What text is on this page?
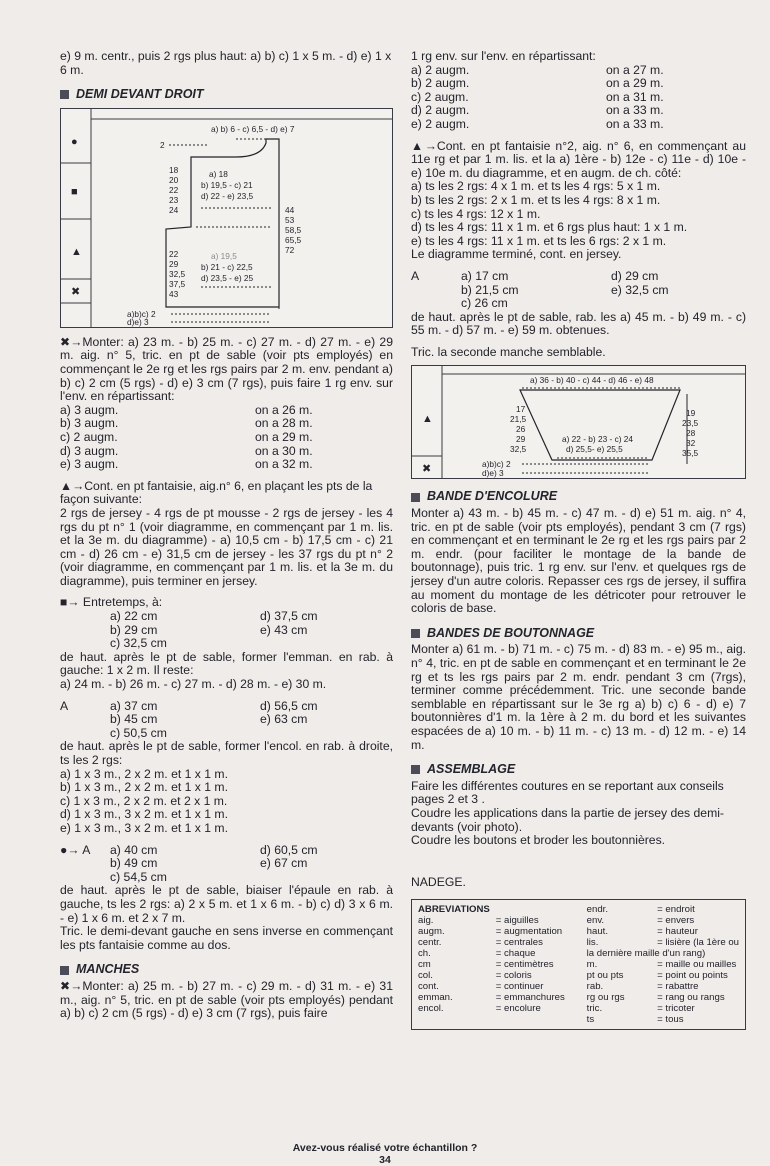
e) 9 m. centr., puis 2 rgs plus haut: a) b) c) 1 x 5 m. - d) e) 1 x 6 m.

DEMI DEVANT DROIT
●
■
▲
✖
a) b) 6 - c) 6,5 - d) e) 7
2
18
20
22
23
24
a) 18
b) 19,5 - c) 21
d) 22 - e) 23,5
44
53
58,5
65,5
72
22
29
32,5
37,5
43
a) 19,5
b) 21 - c) 22,5
d) 23,5 - e) 25
a)b)c) 2
d)e) 3

✖→Monter: a) 23 m. - b) 25 m. - c) 27 m. - d) 27 m. - e) 29 m. aig. n° 5, tric. en pt de sable (voir pts employés) en commençant le 2e rg et les rgs pairs par 2 m. env. pendant a) b) c) 2 cm (5 rgs) - d) e) 3 cm (7 rgs), puis faire 1 rg env. sur l'env. en répartissant:

a) 3 augm.	on a 26 m.
b) 3 augm.	on a 28 m.
c) 2 augm.	on a 29 m.
d) 3 augm.	on a 30 m.
e) 3 augm.	on a 32 m.

▲→Cont. en pt fantaisie, aig.n° 6, en plaçant les pts de la façon suivante:

2 rgs de jersey - 4 rgs de pt mousse - 2 rgs de jersey - les 4 rgs du pt n° 1 (voir diagramme, en commençant par 1 m. lis. et la 3e m. du diagramme) - a) 10,5 cm - b) 17,5 cm - c) 21 cm - d) 26 cm - e) 31,5 cm de jersey - les 37 rgs du pt n° 2 (voir diagramme, en commençant par 1 m. lis. et la 3e m. du diagramme), puis terminer en jersey.

■→ Entretemps, à:

a) 22 cm	d) 37,5 cm
b) 29 cm	e) 43 cm
c) 32,5 cm

de haut. après le pt de sable, former l'emman. en rab. à gauche: 1 x 2 m. Il reste:

a) 24 m. - b) 26 m. - c) 27 m. - d) 28 m. - e) 30 m.

A	a) 37 cm	d) 56,5 cm
b) 45 cm	e) 63 cm
c) 50,5 cm

de haut. après le pt de sable, former l'encol. en rab. à droite, ts les 2 rgs:

a) 1 x 3 m., 2 x 2 m. et 1 x 1 m.

b) 1 x 3 m., 2 x 2 m. et 1 x 1 m.

c) 1 x 3 m., 2 x 2 m. et 2 x 1 m.

d) 1 x 3 m., 3 x 2 m. et 1 x 1 m.

e) 1 x 3 m., 3 x 2 m. et 1 x 1 m.

●→ A	a) 40 cm	d) 60,5 cm
b) 49 cm	e) 67 cm
c) 54,5 cm

de haut. après le pt de sable, biaiser l'épaule en rab. à gauche, ts les 2 rgs: a) 2 x 5 m. et 1 x 6 m. - b) c) d) 3 x 6 m. - e) 1 x 6 m. et 2 x 7 m.

Tric. le demi-devant gauche en sens inverse en commençant les pts fantaisie comme au dos.

MANCHES

✖→Monter: a) 25 m. - b) 27 m. - c) 29 m. - d) 31 m. - e) 31 m., aig. n° 5, tric. en pt de sable (voir pts employés) pendant a) b) c) 2 cm (5 rgs) - d) e) 3 cm (7 rgs), puis faire

1 rg env. sur l'env. en répartissant:

a) 2 augm.	on a 27 m.
b) 2 augm.	on a 29 m.
c) 2 augm.	on a 31 m.
d) 2 augm.	on a 33 m.
e) 2 augm.	on a 33 m.

▲→Cont. en pt fantaisie n°2, aig. n° 6, en commençant au 11e rg et par 1 m. lis. et la a) 1ère - b) 12e - c) 11e - d) 10e - e) 10e m. du diagramme, et en augm. de ch. côté:

a) ts les 2 rgs: 4 x 1 m. et ts les 4 rgs: 5 x 1 m.

b) ts les 2 rgs: 2 x 1 m. et ts les 4 rgs: 8 x 1 m.

c) ts les 4 rgs: 12 x 1 m.

d) ts les 4 rgs: 11 x 1 m. et 6 rgs plus haut: 1 x 1 m.

e) ts les 4 rgs: 11 x 1 m. et ts les 6 rgs: 2 x 1 m.

Le diagramme terminé, cont. en jersey.

A	a) 17 cm	d) 29 cm
b) 21,5 cm	e) 32,5 cm
c) 26 cm

de haut. après le pt de sable, rab. les a) 45 m. - b) 49 m. - c) 55 m. - d) 57 m. - e) 59 m. obtenues.

Tric. la seconde manche semblable.

▲
✖
a) 36 - b) 40 - c) 44 - d) 46 - e) 48
17
21,5
26
29
32,5
19
23,5
28
32
35,5
a) 22 - b) 23 - c) 24
d) 25,5- e) 25,5
a)b)c) 2
d)e) 3
BANDE D'ENCOLURE

Monter a) 43 m. - b) 45 m. - c) 47 m. - d) e) 51 m. aig. n° 4, tric. en pt de sable (voir pts employés), pendant 3 cm (7 rgs) en commençant et en terminant le 2e rg et les rgs pairs par 2 m. endr. (pour faciliter le montage de la bande de boutonnage), puis tric. 1 rg env. sur l'env. et quelques rgs de jersey d'un autre coloris. Repasser ces rgs de jersey, il suffira au moment du montage de les détricoter pour retrouver le coloris de base.

BANDES DE BOUTONNAGE

Monter a) 61 m. - b) 71 m. - c) 75 m. - d) 83 m. - e) 95 m., aig. n° 4, tric. en pt de sable en commençant et en terminant le 2e rg et ts les rgs pairs par 2 m. endr. pendant 3 cm (7rgs), terminer comme précédemment. Tric. une seconde bande semblable en répartissant sur le 3e rg a) b) c) 6 - d) e) 7 boutonnières d'1 m. la 1ère à 2 m. du bord et les suivantes espacées de a) 10 m. - b) 11 m. - c) 13 m. - d) 12 m. - e) 14 m.

ASSEMBLAGE

Faire les différentes coutures en se reportant aux conseils pages 2 et 3 .

Coudre les applications dans la partie de jersey des demi-devants (voir photo).

Coudre les boutons et broder les boutonnières.

NADEGE.

ABREVIATIONS		endr.	= endroit
aig.	= aiguilles	env.	= envers
augm.	= augmentation	haut.	= hauteur
centr.	= centrales	lis.	= lisière (la 1ère ou
ch.	= chaque	la dernière maille d'un rang)	
cm	= centimètres	m.	= maille ou mailles
col.	= coloris	pt ou pts	= point ou points
cont.	= continuer	rab.	= rabattre
emman.	= emmanchures	rg ou rgs	= rang ou rangs
encol.	= encolure	tric.	= tricoter
		ts	= tous
Avez-vous réalisé votre échantillon ?
34
